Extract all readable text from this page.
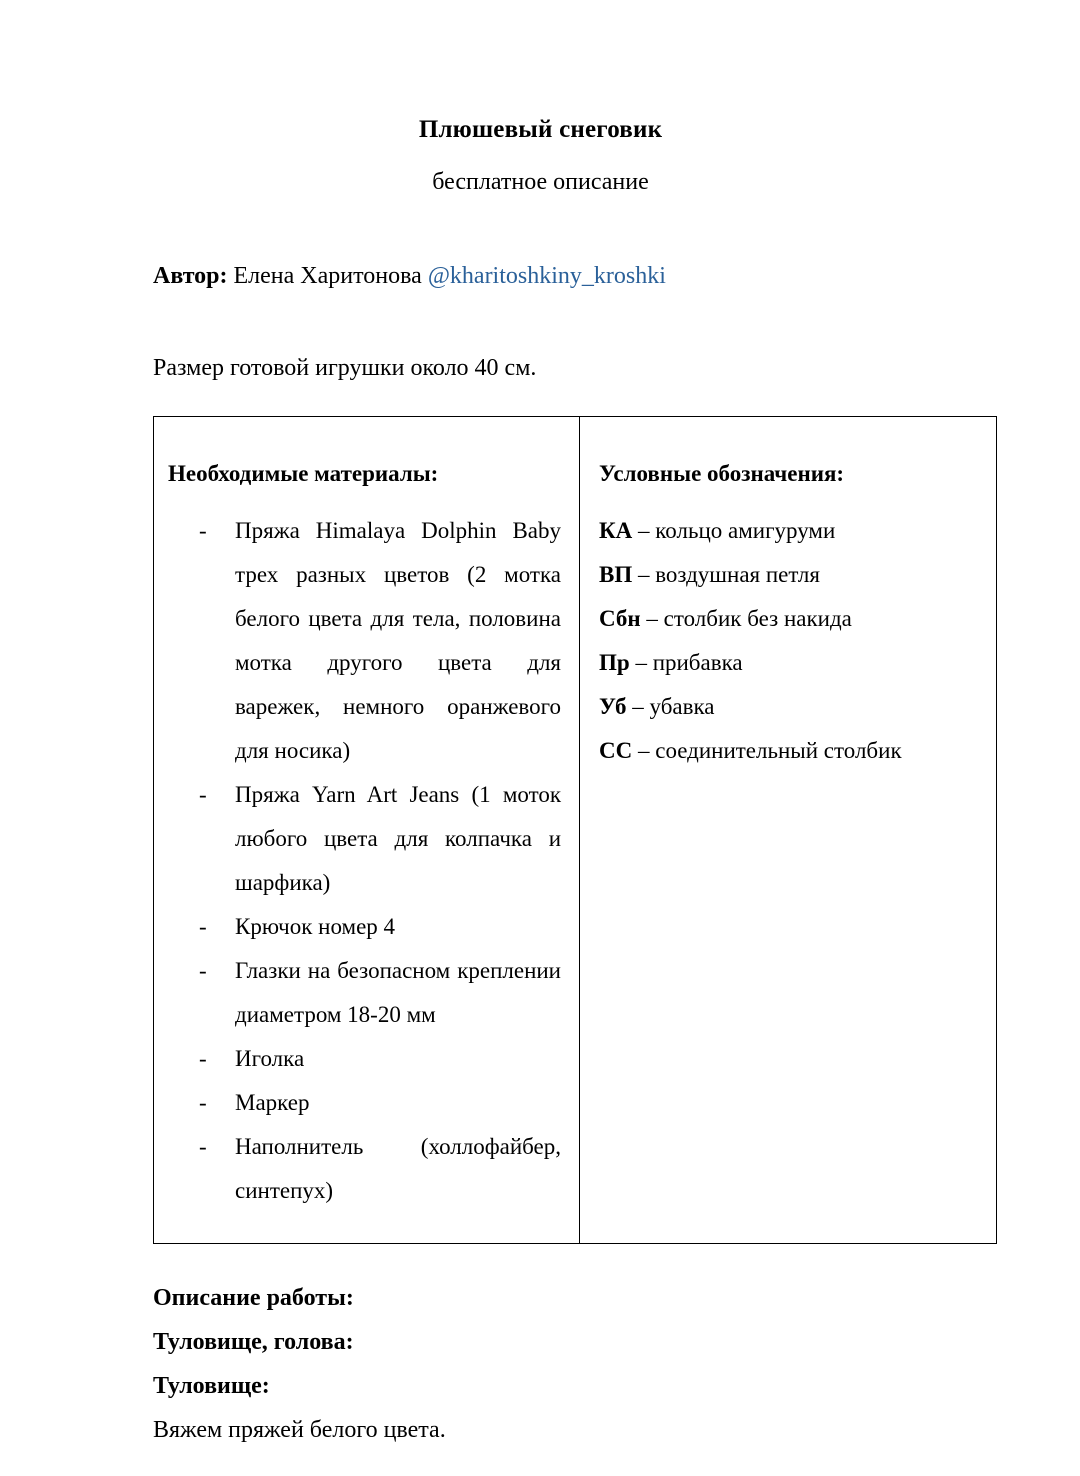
Плюшевый снеговик

бесплатное описание

Автор: Елена Харитонова @kharitoshkiny_kroshki

Размер готовой игрушки около 40 см.

Необходимые материалы:

- Пряжа Himalaya Dolphin Baby трех разных цветов (2 мотка белого цвета для тела, половина мотка другого цвета для варежек, немного оранжевого для носика)
- Пряжа Yarn Art Jeans (1 моток любого цвета для колпачка и шарфика)
- Крючок номер 4
- Глазки на безопасном креплении диаметром 18-20 мм
- Иголка
- Маркер
- Наполнитель (холлофайбер, синтепух)

Условные обозначения:

КА – кольцо амигуруми
ВП – воздушная петля
Сбн – столбик без накида
Пр – прибавка
Уб – убавка
СС – соединительный столбик

Описание работы:

Туловище, голова:

Туловище:

Вяжем пряжей белого цвета.
